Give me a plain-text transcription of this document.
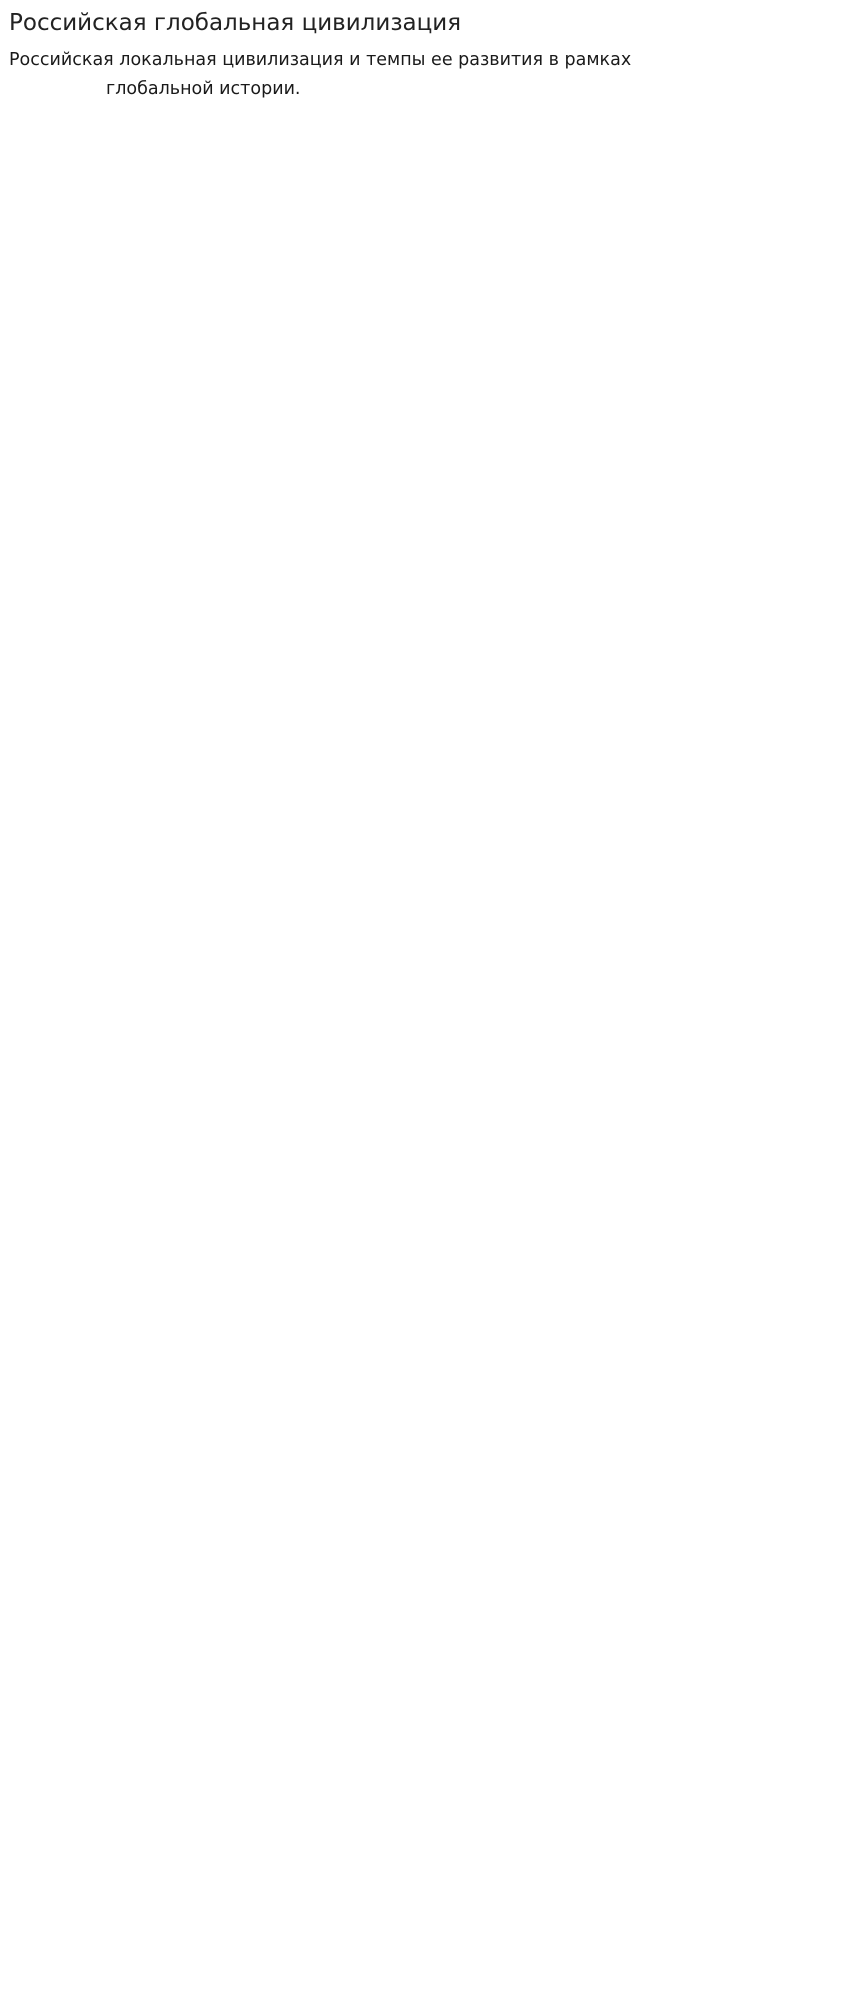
Российская глобальная цивилизация

Российская локальная цивилизация и темпы ее развития в рамках
глобальной истории.
